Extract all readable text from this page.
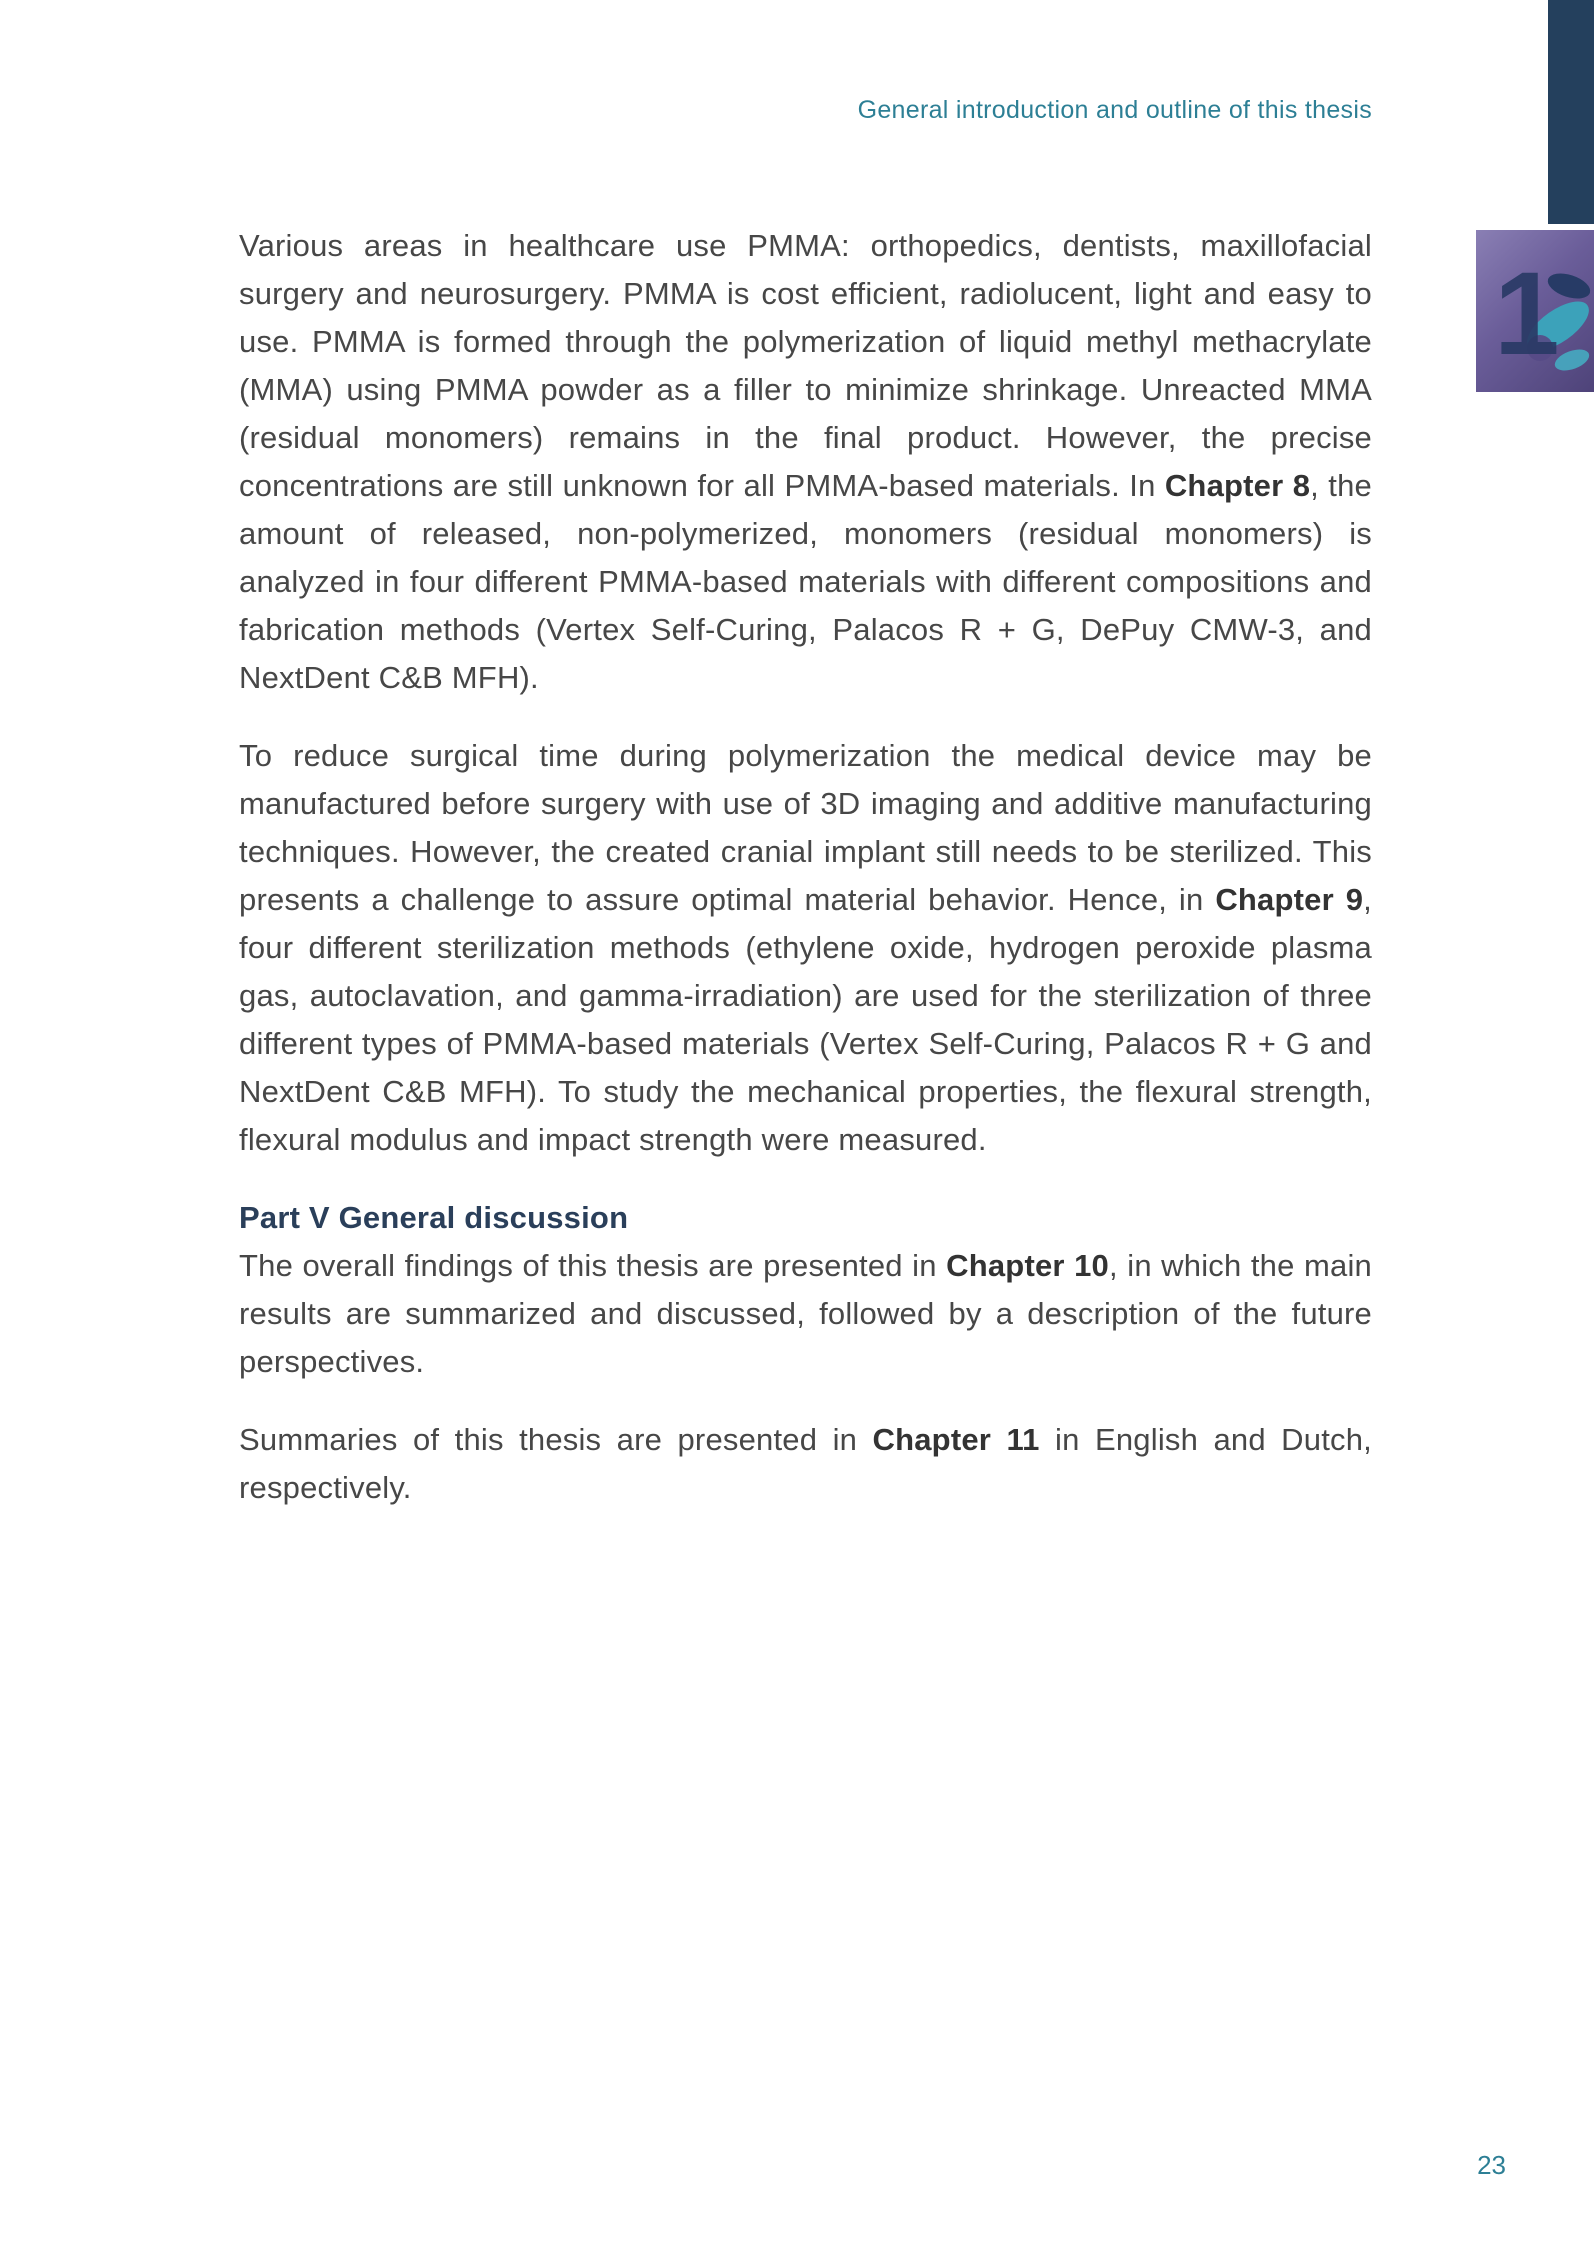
General introduction and outline of this thesis
1

Various areas in healthcare use PMMA: orthopedics, dentists, maxillofacial surgery and neurosurgery. PMMA is cost efficient, radiolucent, light and easy to use. PMMA is formed through the polymerization of liquid methyl methacrylate (MMA) using PMMA powder as a filler to minimize shrinkage. Unreacted MMA (residual monomers) remains in the final product. However, the precise concentrations are still unknown for all PMMA-based materials. In Chapter 8, the amount of released, non-polymerized, monomers (residual monomers) is analyzed in four different PMMA-based materials with different compositions and fabrication methods (Vertex Self-Curing, Palacos R + G, DePuy CMW-3, and NextDent C&B MFH).

To reduce surgical time during polymerization the medical device may be manufactured before surgery with use of 3D imaging and additive manufacturing techniques. However, the created cranial implant still needs to be sterilized. This presents a challenge to assure optimal material behavior. Hence, in Chapter 9, four different sterilization methods (ethylene oxide, hydrogen peroxide plasma gas, autoclavation, and gamma-irradiation) are used for the sterilization of three different types of PMMA-based materials (Vertex Self-Curing, Palacos R + G and NextDent C&B MFH). To study the mechanical properties, the flexural strength, flexural modulus and impact strength were measured.

Part V General discussion

The overall findings of this thesis are presented in Chapter 10, in which the main results are summarized and discussed, followed by a description of the future perspectives.

Summaries of this thesis are presented in Chapter 11 in English and Dutch, respectively.

23
